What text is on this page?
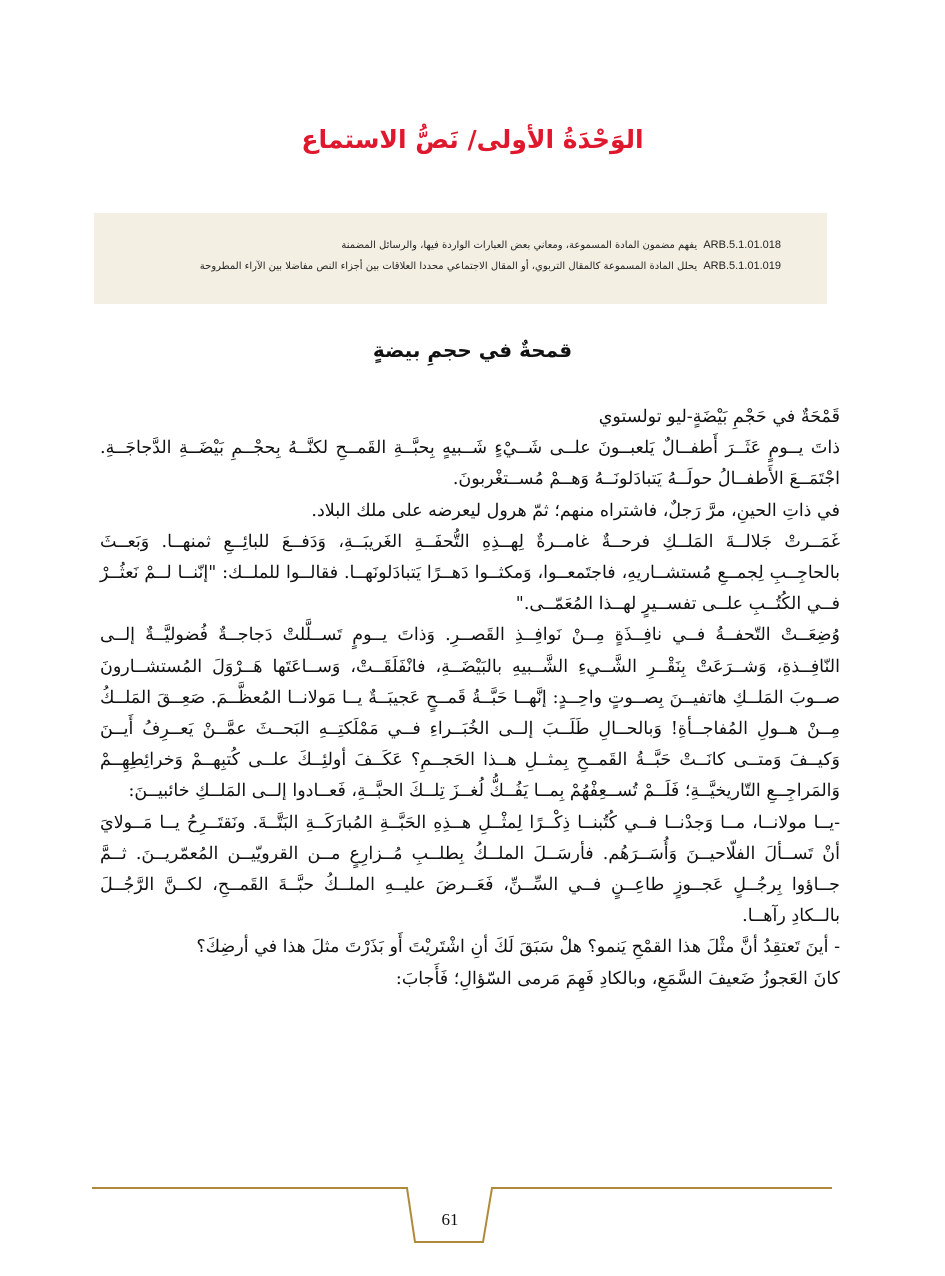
الوَحْدَةُ الأولى/ نَصُّ الاستماع
ARB.5.1.01.018 يفهم مضمون المادة المسموعة، ومعاني بعض العبارات الواردة فيها، والرسائل المضمنة
ARB.5.1.01.019 يحلل المادة المسموعة كالمقال التربوي، أو المقال الاجتماعي محددا العلاقات بين أجزاء النص مفاضلا بين الآراء المطروحة
قمحةٌ في حجمِ بيضةٍ

قَمْحَةٌ في حَجْمِ بَيْضَةٍ-ليو تولستوي

ذاتَ يــومٍ عَثَــرَ أَطفــالٌ يَلعبــونَ علــى شَــيْءٍ شَــبيهٍ بِحبَّــةِ القَمــحِ لكنَّــهُ بِحجْــمِ بَيْضَــةِ الدَّجاجَــةِ. اجْتَمَــعَ الأَطفــالُ حولَــهُ يَتبادَلونَــهُ وَهــمْ مُســتغْربونَ.

في ذاتِ الحينِ، مرَّ رَجلٌ، فاشتراه منهم؛ ثمّ هرول ليعرضه على ملك البلاد.

غَمَــرتْ جَلالــةَ المَلــكِ فرحــةٌ غامــرةٌ لِهــذِهِ التُّحفَــةِ الغَريبَــةِ، وَدَفــعَ للبائِــعِ ثمنهــا. وَبَعــثَ بالحاجِــبِ لِجمــعِ مُستشــاريهِ، فاجتَمعــوا، وَمكثــوا دَهــرًا يَتبادَلونَهــا. فقالــوا للملــك: "إنّنــا لــمْ نَعثُــرْ فــي الكُتُــبِ علــى تفســيرٍ لهــذا المُعَمّــى."

وُضِعَــتْ التّحفــةُ فــي نافِــذَةٍ مِــنْ نَوافِــذِ القَصــرِ. وَذاتَ يــومٍ تَســلَّلتْ دَجاجــةٌ فُضوليَّــةٌ إلــى النّافِــذةِ، وَشــرَعَتْ بِنَقْــرِ الشَّــيءِ الشَّــبيهِ بالبَيْضَــةِ، فانْفَلَقَــتْ، وَســاعَتَها هَــرْوَلَ المُستشــارونَ صــوبَ المَلــكِ هاتفيــنَ بِصــوتٍ واحِــدٍ: إنَّهــا حَبَّــةُ قَمــحٍ عَجيبَــةٌ يــا مَولانــا المُعظَّــمَ. صَعِــقَ المَلــكُ مِــنْ هــولِ المُفاجــأةِ! وَبالحــالِ طَلَــبَ إلــى الخُبَــراءِ فــي مَمْلَكتِــهِ البَحــثَ عمَّــنْ يَعــرِفُ أَيــنَ وَكيــفَ وَمتــى كانَــتْ حَبَّــةُ القَمــحِ بِمثــلِ هــذا الحَجــمِ؟ عَكَــفَ أولئِــكَ علــى كُتبِهــمْ وَخرائِطِهِــمْ وَالمَراجِــعِ التّاريخيَّــةِ؛ فَلَــمْ تُســعِفْهُمْ بِمــا يَفُــكُّ لُغــزَ تِلــكَ الحبَّــةِ، فَعــادوا إلــى المَلــكِ خائبيــنَ:

-يــا مولانــا، مــا وَجدْنــا فــي كُتُبنــا ذِكْــرًا لِمثْــلِ هــذِهِ الحَبَّــةِ المُبارَكَــةِ البَتَّــةَ. ونَقتَــرِحُ يــا مَــولايَ أنْ تَســألَ الفلّاحيــنَ وَأُسَــرَهُم. فأرسَــلَ الملــكُ بِطلــبِ مُــزارِعٍ مــن القرويّيــن المُعمّريــنَ. ثــمَّ جــاؤوا بِرجُــلٍ عَجــوزٍ طاعِــنٍ فــي السِّــنِّ، فَعَــرضَ عليــهِ الملــكُ حبَّــةَ القَمــحِ، لكــنَّ الرَّجُــلَ بالــكادِ رآهــا.

- أينَ تَعتقِدُ أنَّ مثْلَ هذا القمْحِ يَنمو؟ هلْ سَبَقَ لَكَ أنِ اشْتَريْتَ أَو بَذَرْتَ مثلَ هذا في أرضِكَ؟

كانَ العَجوزُ ضَعيفَ السَّمَعِ، وبالكادِ فَهِمَ مَرمى السّؤالِ؛ فَأَجابَ:

61
